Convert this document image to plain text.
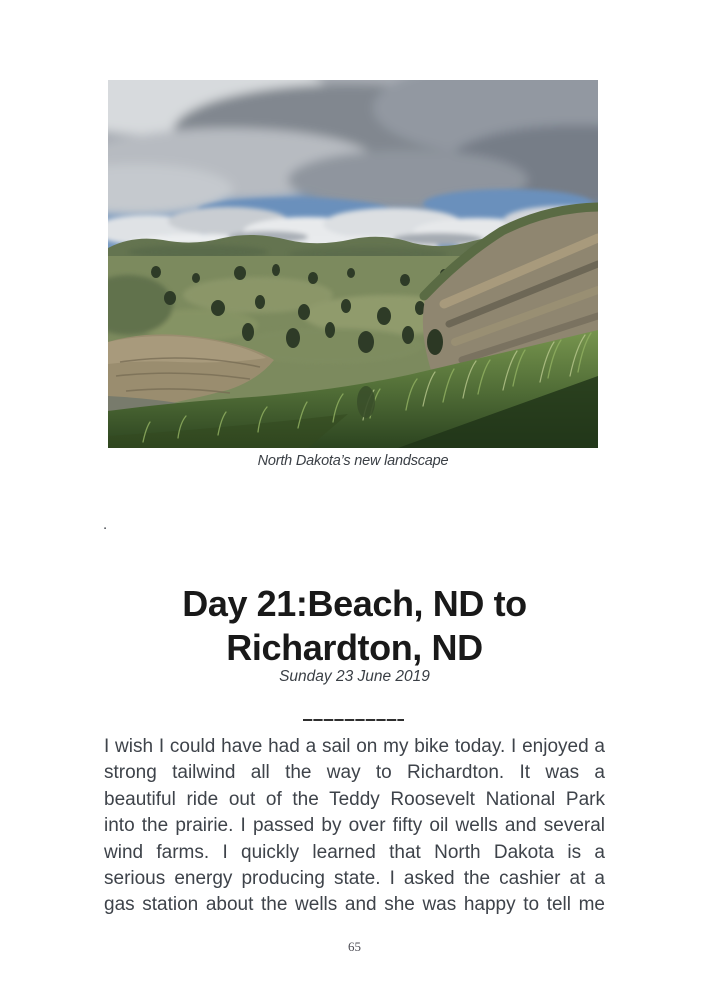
North Dakota’s new landscape
.
Day 21:Beach, ND to
Richardton, ND
Sunday 23 June 2019
I wish I could have had a sail on my bike today. I enjoyed a
strong tailwind all the way to Richardton. It was a
beautiful ride out of the Teddy Roosevelt National Park
into the prairie. I passed by over fifty oil wells and several
wind farms. I quickly learned that North Dakota is a
serious energy producing state. I asked the cashier at a
gas station about the wells and she was happy to tell me
65
